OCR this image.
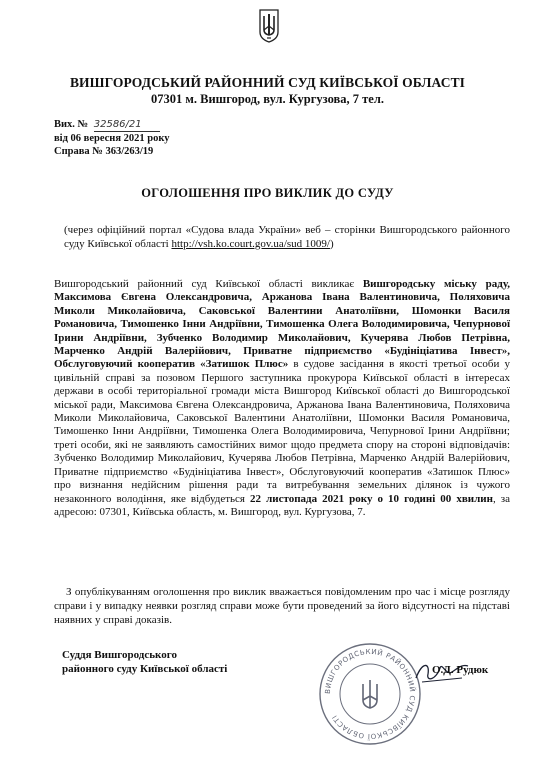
ВИШГОРОДСЬКИЙ РАЙОННИЙ СУД КИЇВСЬКОЇ ОБЛАСТІ
07301 м. Вишгород, вул. Кургузова, 7 тел.
Вих. № 32586/21
від 06 вересня 2021 року
Справа № 363/263/19
ОГОЛОШЕННЯ ПРО ВИКЛИК ДО СУДУ
(через офіційний портал «Судова влада України» веб – сторінки Вишгородського районного суду Київської області http://vsh.ko.court.gov.ua/sud 1009/)
Вишгородський районний суд Київської області викликає Вишгородську міську раду, Максимова Євгена Олександровича, Аржанова Івана Валентиновича, Поляховича Миколи Миколайовича, Саковської Валентини Анатоліївни, Шомонки Василя Романовича, Тимошенко Інни Андріївни, Тимошенка Олега Володимировича, Чепурнової Ірини Андріївни, Зубченко Володимир Миколайович, Кучерява Любов Петрівна, Марченко Андрій Валерійович, Приватне підприємство «Будініціатива Інвест», Обслуговуючий кооператив «Затишок Плюс» в судове засідання в якості третьої особи у цивільній справі за позовом Першого заступника прокурора Київської області в інтересах держави в особі територіальної громади міста Вишгород Київської області до Вишгородської міської ради, Максимова Євгена Олександровича, Аржанова Івана Валентиновича, Поляховича Миколи Миколайовича, Саковської Валентини Анатоліївни, Шомонки Василя Романовича, Тимошенко Інни Андріївни, Тимошенка Олега Володимировича, Чепурнової Ірини Андріївни; треті особи, які не заявляють самостійних вимог щодо предмета спору на стороні відповідачів: Зубченко Володимир Миколайович, Кучерява Любов Петрівна, Марченко Андрій Валерійович, Приватне підприємство «Будініціатива Інвест», Обслуговуючий кооператив «Затишок Плюс» про визнання недійсним рішення ради та витребування земельних ділянок із чужого незаконного володіння, яке відбудеться 22 листопада 2021 року о 10 годині 00 хвилин, за адресою: 07301, Київська область, м. Вишгород, вул. Кургузова, 7.
З опублікуванням оголошення про виклик вважається повідомленим про час і місце розгляду справи і у випадку неявки розгляд справи може бути проведений за його відсутності на підставі наявних у справі доказів.
Суддя Вишгородського
районного суду Київської області
ВИШГОРОДСЬКИЙ РАЙОННИЙ СУД КИЇВСЬКОЇ ОБЛАСТІ
О.Д. Рудюк
